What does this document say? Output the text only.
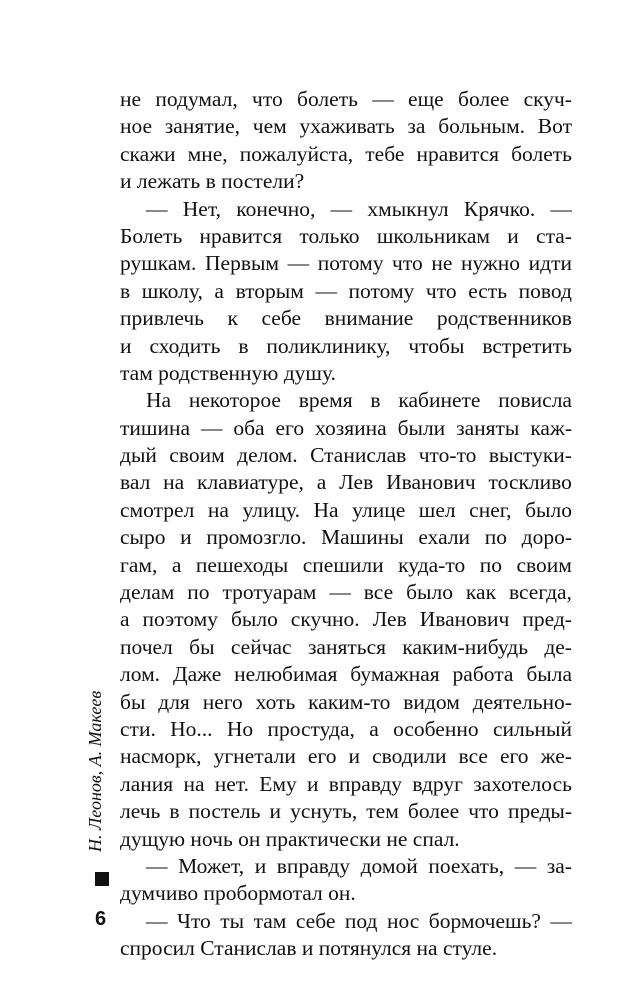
не подумал, что болеть — еще более скуч-
ное занятие, чем ухаживать за больным. Вот
скажи мне, пожалуйста, тебе нравится болеть
и лежать в постели?
— Нет, конечно, — хмыкнул Крячко. —
Болеть нравится только школьникам и ста-
рушкам. Первым — потому что не нужно идти
в школу, а вторым — потому что есть повод
привлечь к себе внимание родственников
и сходить в поликлинику, чтобы встретить
там родственную душу.
На некоторое время в кабинете повисла
тишина — оба его хозяина были заняты каж-
дый своим делом. Станислав что-то выстуки-
вал на клавиатуре, а Лев Иванович тоскливо
смотрел на улицу. На улице шел снег, было
сыро и промозгло. Машины ехали по доро-
гам, а пешеходы спешили куда-то по своим
делам по тротуарам — все было как всегда,
а поэтому было скучно. Лев Иванович пред-
почел бы сейчас заняться каким-нибудь де-
лом. Даже нелюбимая бумажная работа была
бы для него хоть каким-то видом деятельно-
сти. Но... Но простуда, а особенно сильный
насморк, угнетали его и сводили все его же-
лания на нет. Ему и вправду вдруг захотелось
лечь в постель и уснуть, тем более что преды-
дущую ночь он практически не спал.
— Может, и вправду домой поехать, — за-
думчиво пробормотал он.
— Что ты там себе под нос бормочешь? —
спросил Станислав и потянулся на стуле.
Н. Леонов, А. Макеев
6
